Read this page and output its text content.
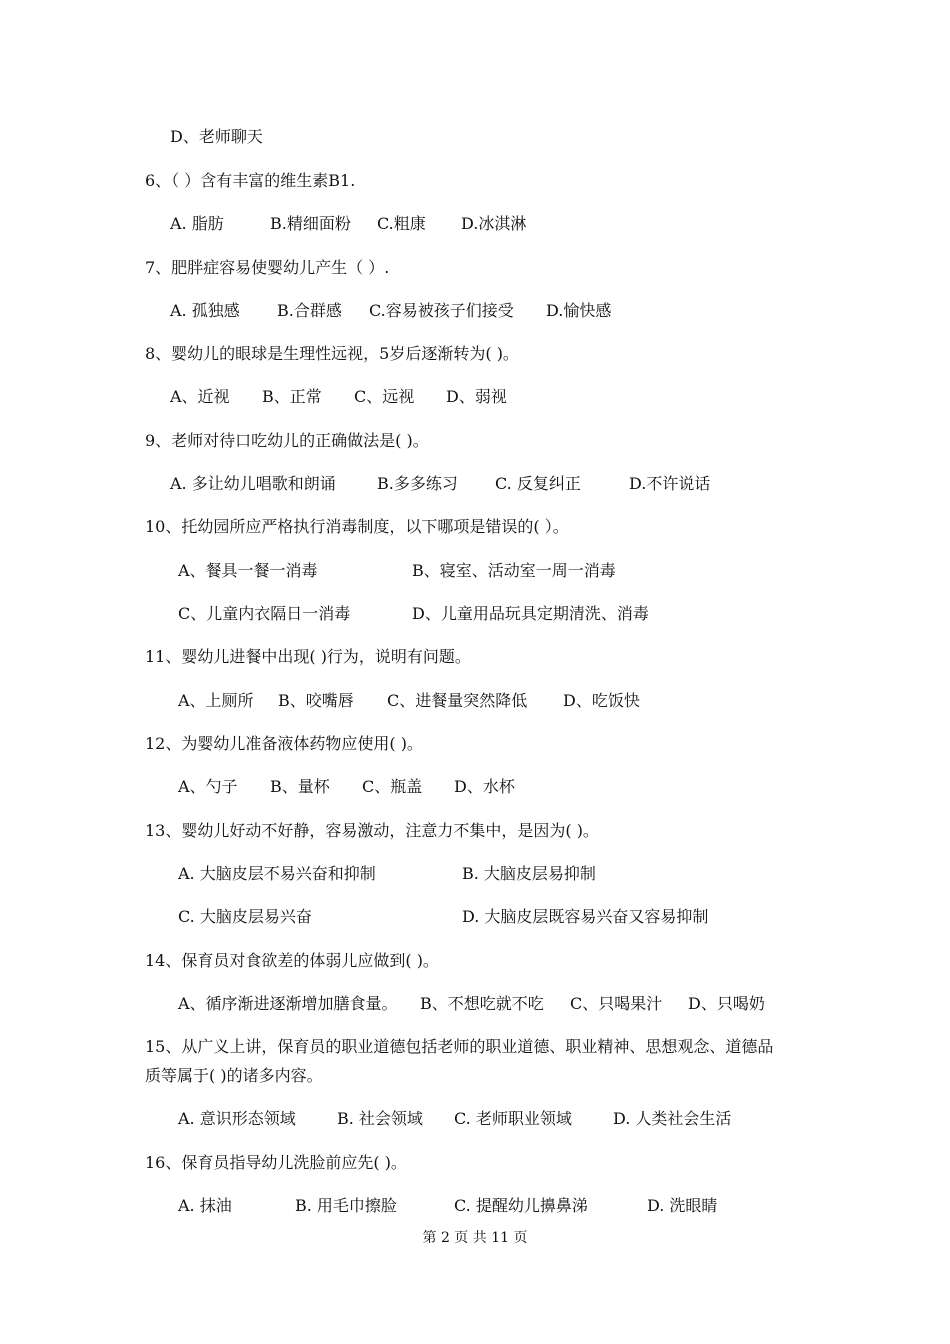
D、老师聊天
6、（ ）含有丰富的维生素B1.
A. 脂肪	B.精细面粉 C.粗康 D.冰淇淋
7、肥胖症容易使婴幼儿产生（ ）.
A. 孤独感 B.合群感 C.容易被孩子们接受 D.愉快感
8、婴幼儿的眼球是生理性远视，5岁后逐渐转为( )。
A、近视 B、正常 C、远视 D、弱视
9、老师对待口吃幼儿的正确做法是( )。
A. 多让幼儿唱歌和朗诵	B.多多练习 C. 反复纠正	D.不许说话
10、托幼园所应严格执行消毒制度，以下哪项是错误的( ）。
A、餐具一餐一消毒	B、寝室、活动室一周一消毒
C、儿童内衣隔日一消毒	D、儿童用品玩具定期清洗、消毒
11、婴幼儿进餐中出现( )行为，说明有问题。
A、上厕所 B、咬嘴唇 C、进餐量突然降低 D、吃饭快
12、为婴幼儿准备液体药物应使用( )。
A、勺子 B、量杯 C、瓶盖 D、水杯
13、婴幼儿好动不好静，容易激动，注意力不集中，是因为( )。
A. 大脑皮层不易兴奋和抑制	B. 大脑皮层易抑制
C. 大脑皮层易兴奋	D. 大脑皮层既容易兴奋又容易抑制
14、保育员对食欲差的体弱儿应做到( )。
A、循序渐进逐渐增加膳食量。 B、不想吃就不吃 C、只喝果汁 D、只喝奶
15、从广义上讲，保育员的职业道德包括老师的职业道德、职业精神、思想观念、道德品
质等属于( )的诸多内容。
A. 意识形态领域	B. 社会领域 C. 老师职业领域	D. 人类社会生活
16、保育员指导幼儿洗脸前应先( )。
A. 抹油	B. 用毛巾擦脸	C. 提醒幼儿擤鼻涕	D. 洗眼睛
第 2 页 共 11 页
